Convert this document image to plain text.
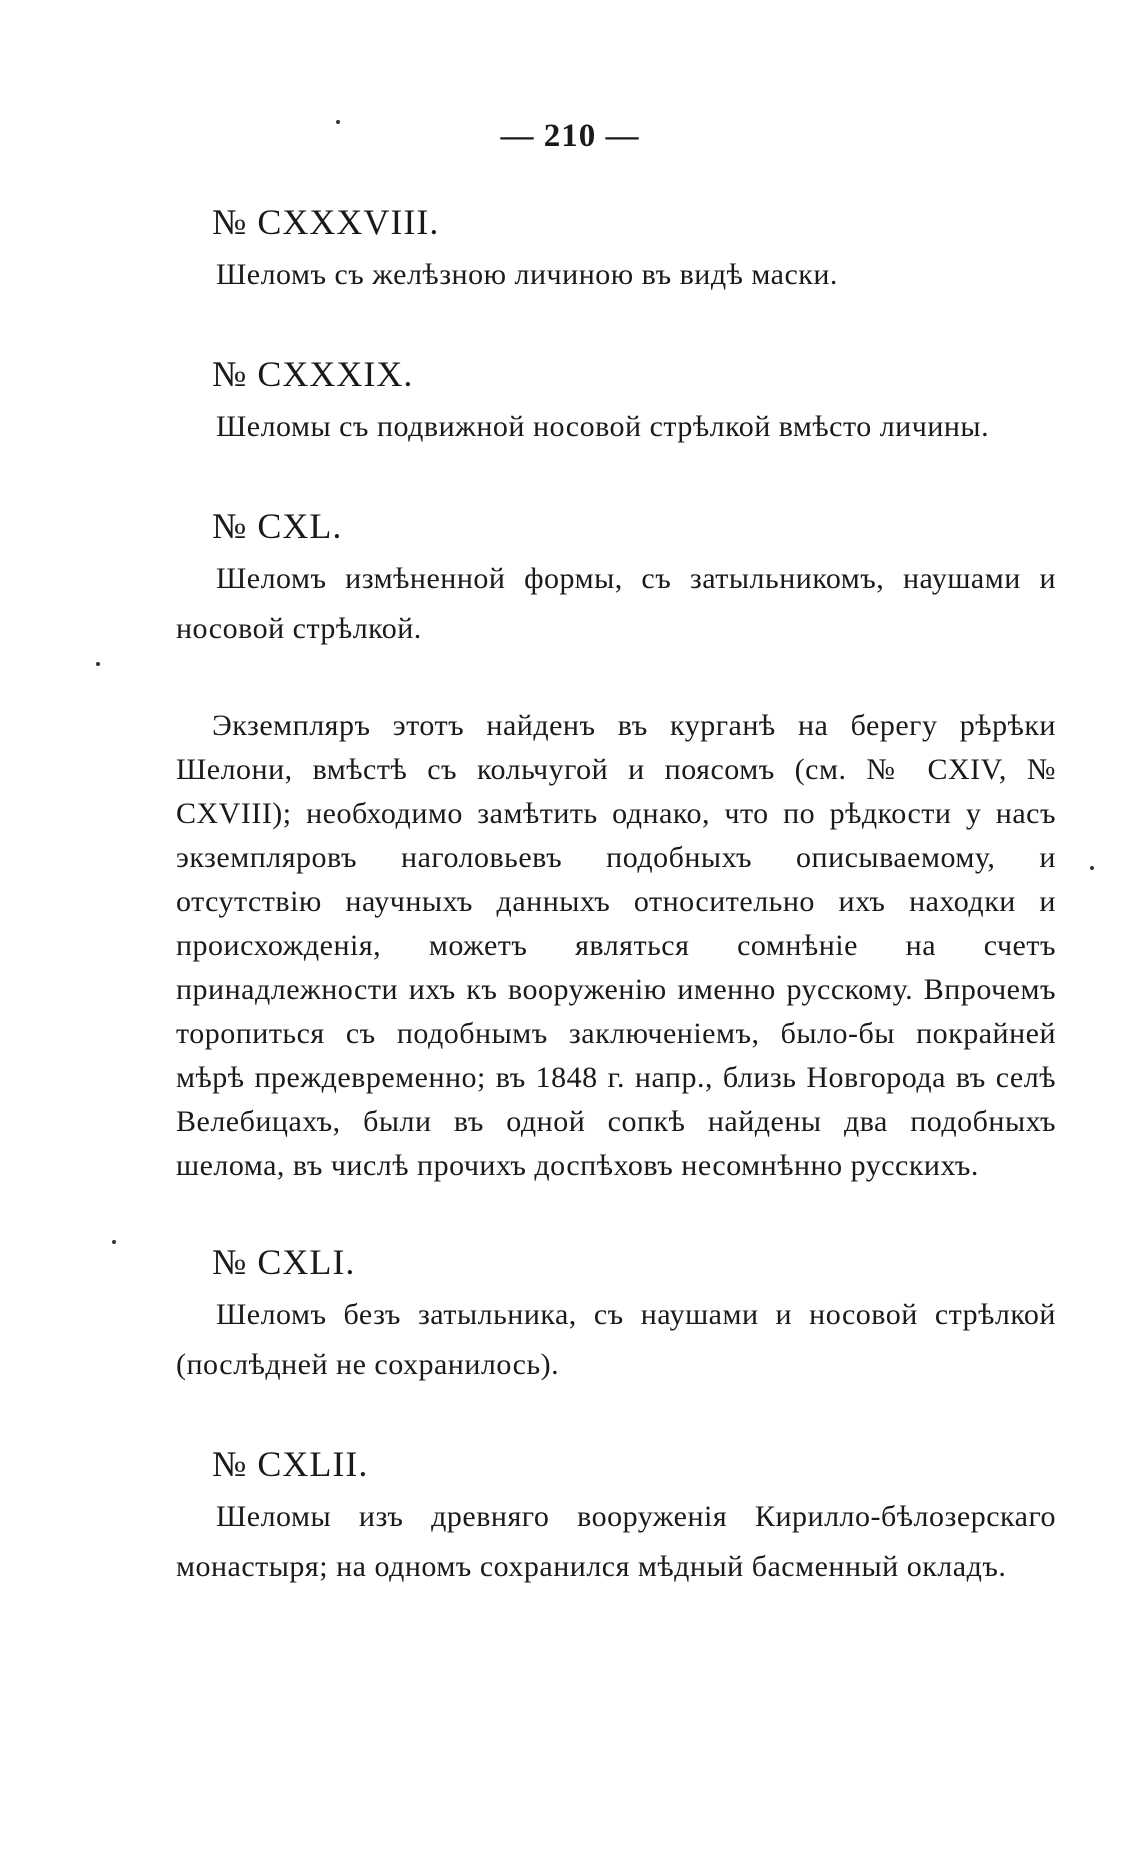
— 210 —
№ CXXXVIII.
Шеломъ съ желѣзною личиною въ видѣ маски.
№ CXXXIX.
Шеломы съ подвижной носовой стрѣлкой вмѣсто личины.
№ CXL.
Шеломъ измѣненной формы, съ затыльникомъ, наушами и носовой стрѣлкой.
Экземпляръ этотъ найденъ въ курганѣ на берегу рѣрѣки Шелони, вмѣстѣ съ кольчугой и поясомъ (см. № CXIV, № CXVIII); необходимо замѣтить однако, что по рѣдкости у насъ экземпляровъ наголовьевъ подобныхъ описываемому, и отсутствію научныхъ данныхъ относительно ихъ находки и происхожденія, можетъ являться сомнѣніе на счетъ принадлежности ихъ къ вооруженію именно русскому. Впрочемъ торопиться съ подобнымъ заключеніемъ, было-бы покрайней мѣрѣ преждевременно; въ 1848 г. напр., близь Новгорода въ селѣ Велебицахъ, были въ одной сопкѣ найдены два подобныхъ шелома, въ числѣ прочихъ доспѣховъ несомнѣнно русскихъ.
№ CXLI.
Шеломъ безъ затыльника, съ наушами и носовой стрѣлкой (послѣдней не сохранилось).
№ CXLII.
Шеломы изъ древняго вооруженія Кирилло-бѣлозерскаго монастыря; на одномъ сохранился мѣдный басменный окладъ.
